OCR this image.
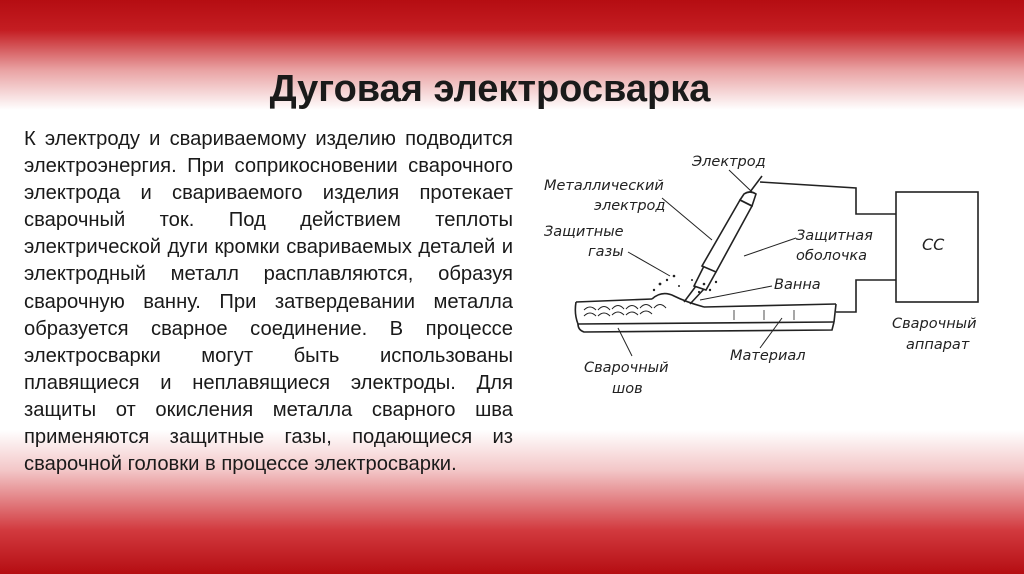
Дуговая электросварка
К электроду и свариваемому изделию подводится электроэнергия. При соприкосновении сварочного электрода и свариваемого изделия протекает сварочный ток. Под действием теплоты электрической дуги кромки свариваемых деталей и электродный металл расплавляются, образуя сварочную ванну. При затвердевании металла образуется сварное соединение. В процессе электросварки могут быть использованы плавящиеся и неплавящиеся электроды. Для защиты от окисления металла сварного шва применяются защитные газы, подающиеся из сварочной головки в процессе электросварки.
Электрод
Металлический
электрод
Защитные
газы
Защитная
оболочка
Ванна
СС
Сварочный
аппарат
Материал
Сварочный
шов
